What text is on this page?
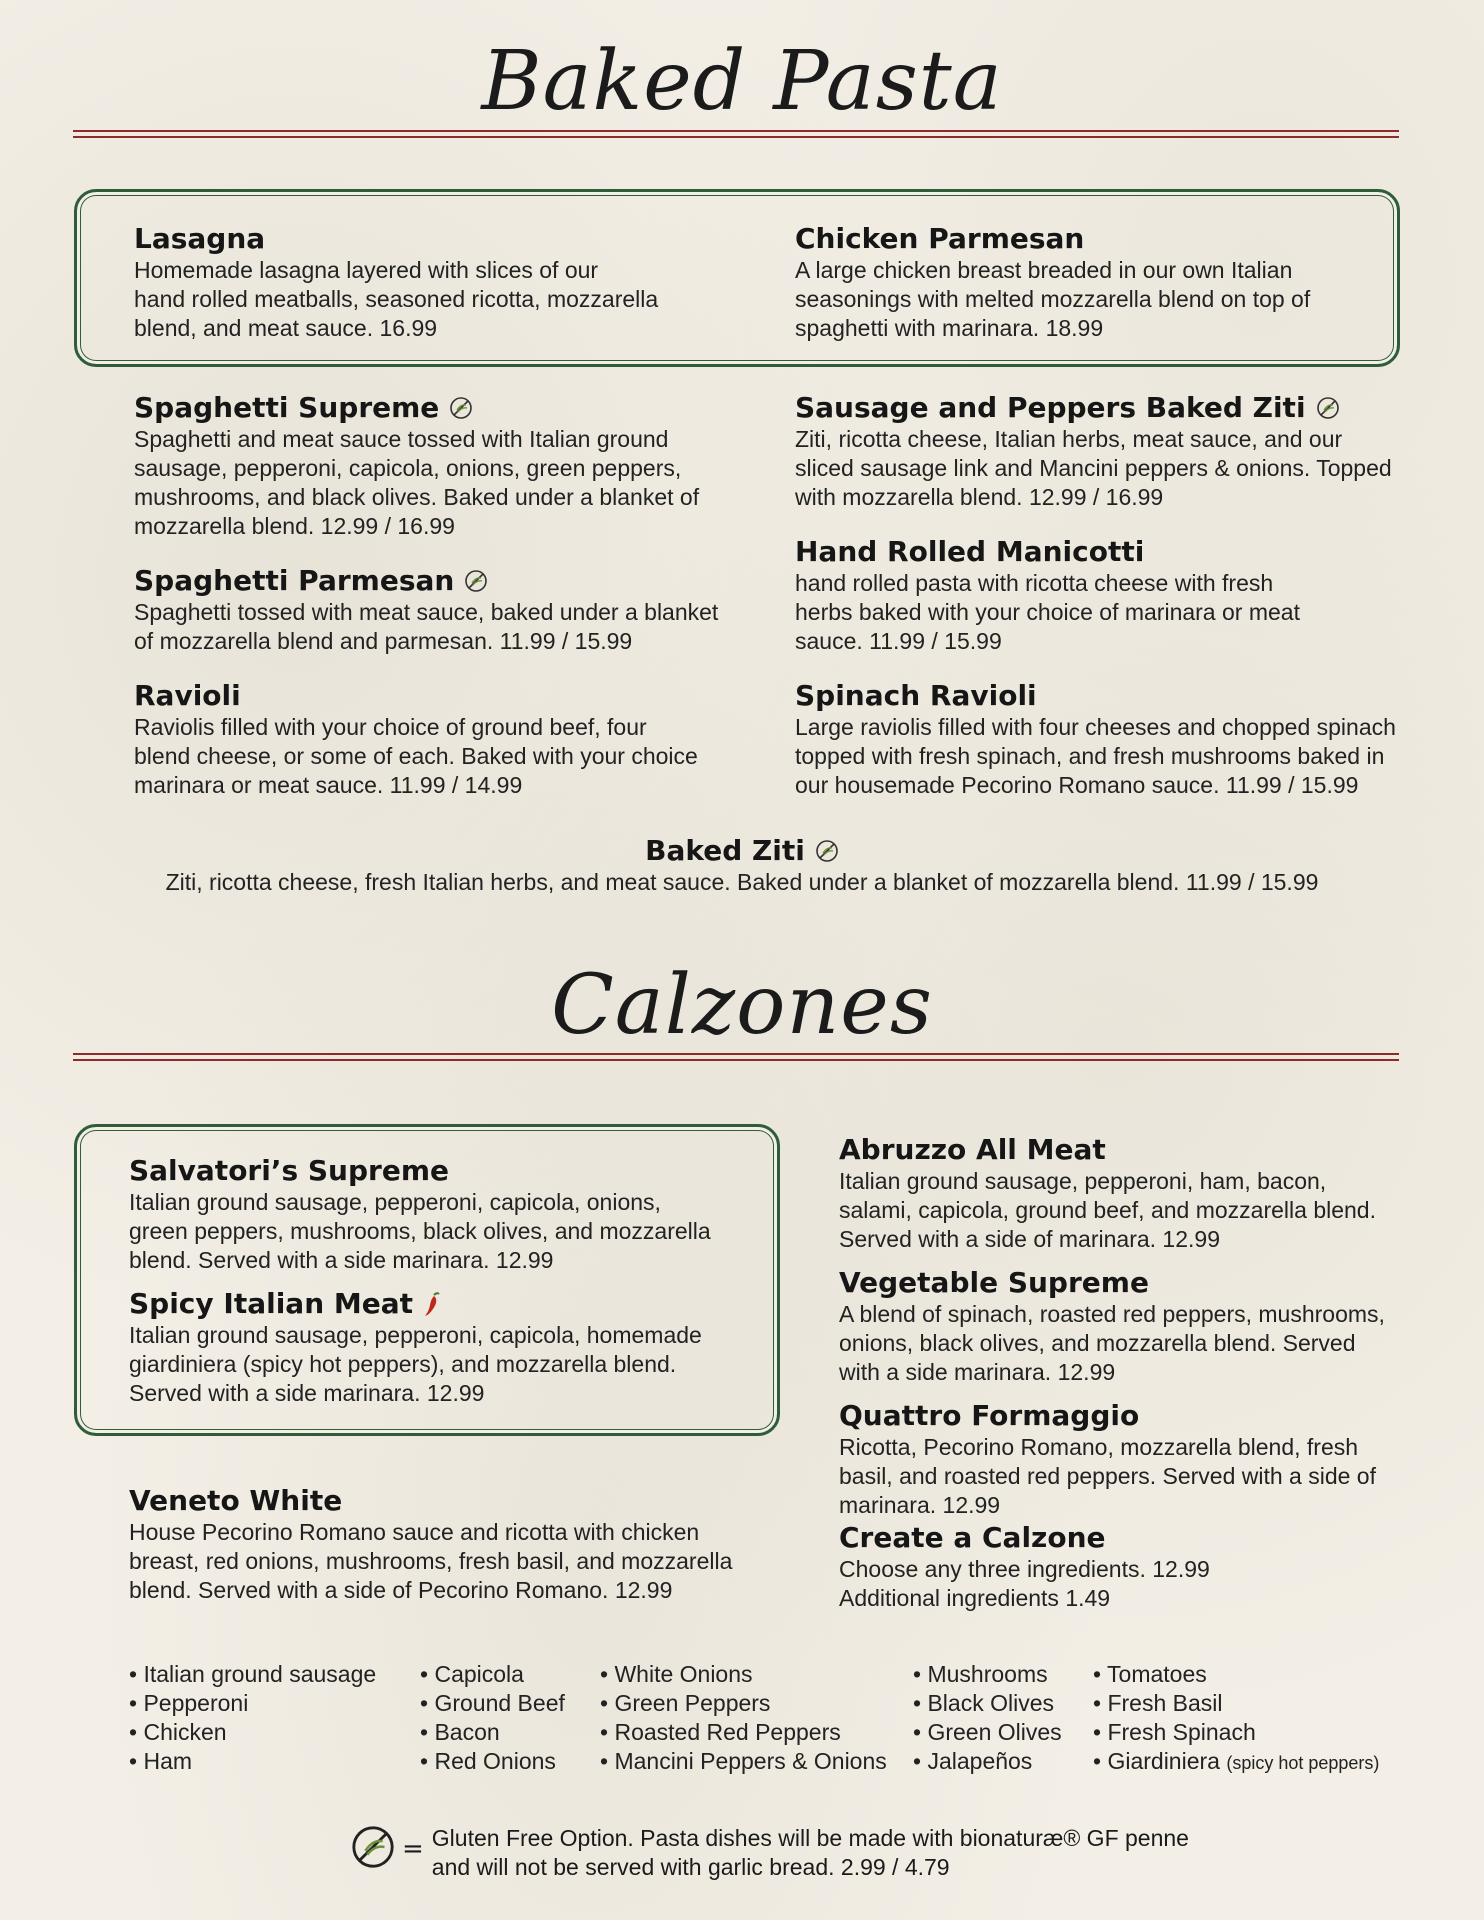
Baked Pasta
Lasagna
Homemade lasagna layered with slices of our
hand rolled meatballs, seasoned ricotta, mozzarella
blend, and meat sauce. 16.99
Chicken Parmesan
A large chicken breast breaded in our own Italian
seasonings with melted mozzarella blend on top of
spaghetti with marinara. 18.99
Spaghetti Supreme
Spaghetti and meat sauce tossed with Italian ground
sausage, pepperoni, capicola, onions, green peppers,
mushrooms, and black olives. Baked under a blanket of
mozzarella blend. 12.99 / 16.99
Spaghetti Parmesan
Spaghetti tossed with meat sauce, baked under a blanket
of mozzarella blend and parmesan. 11.99 / 15.99
Ravioli
Raviolis filled with your choice of ground beef, four
blend cheese, or some of each. Baked with your choice
marinara or meat sauce. 11.99 / 14.99
Sausage and Peppers Baked Ziti
Ziti, ricotta cheese, Italian herbs, meat sauce, and our
sliced sausage link and Mancini peppers & onions. Topped
with mozzarella blend. 12.99 / 16.99
Hand Rolled Manicotti
hand rolled pasta with ricotta cheese with fresh
herbs baked with your choice of marinara or meat
sauce. 11.99 / 15.99
Spinach Ravioli
Large raviolis filled with four cheeses and chopped spinach
topped with fresh spinach, and fresh mushrooms baked in
our housemade Pecorino Romano sauce. 11.99 / 15.99
Baked Ziti
Ziti, ricotta cheese, fresh Italian herbs, and meat sauce. Baked under a blanket of mozzarella blend. 11.99 / 15.99
Calzones
Salvatori’s Supreme
Italian ground sausage, pepperoni, capicola, onions,
green peppers, mushrooms, black olives, and mozzarella
blend. Served with a side marinara. 12.99
Spicy Italian Meat
Italian ground sausage, pepperoni, capicola, homemade
giardiniera (spicy hot peppers), and mozzarella blend.
Served with a side marinara. 12.99
Veneto White
House Pecorino Romano sauce and ricotta with chicken
breast, red onions, mushrooms, fresh basil, and mozzarella
blend. Served with a side of Pecorino Romano. 12.99
Abruzzo All Meat
Italian ground sausage, pepperoni, ham, bacon,
salami, capicola, ground beef, and mozzarella blend.
Served with a side of marinara. 12.99
Vegetable Supreme
A blend of spinach, roasted red peppers, mushrooms,
onions, black olives, and mozzarella blend. Served
with a side marinara. 12.99
Quattro Formaggio
Ricotta, Pecorino Romano, mozzarella blend, fresh
basil, and roasted red peppers. Served with a side of
marinara. 12.99
Create a Calzone
Choose any three ingredients. 12.99
Additional ingredients 1.49
• Italian ground sausage
• Pepperoni
• Chicken
• Ham
• Capicola
• Ground Beef
• Bacon
• Red Onions
• White Onions
• Green Peppers
• Roasted Red Peppers
• Mancini Peppers & Onions
• Mushrooms
• Black Olives
• Green Olives
• Jalapeños
• Tomatoes
• Fresh Basil
• Fresh Spinach
• Giardiniera (spicy hot peppers)
= Gluten Free Option. Pasta dishes will be made with bionaturæ® GF penne
and will not be served with garlic bread. 2.99 / 4.79
